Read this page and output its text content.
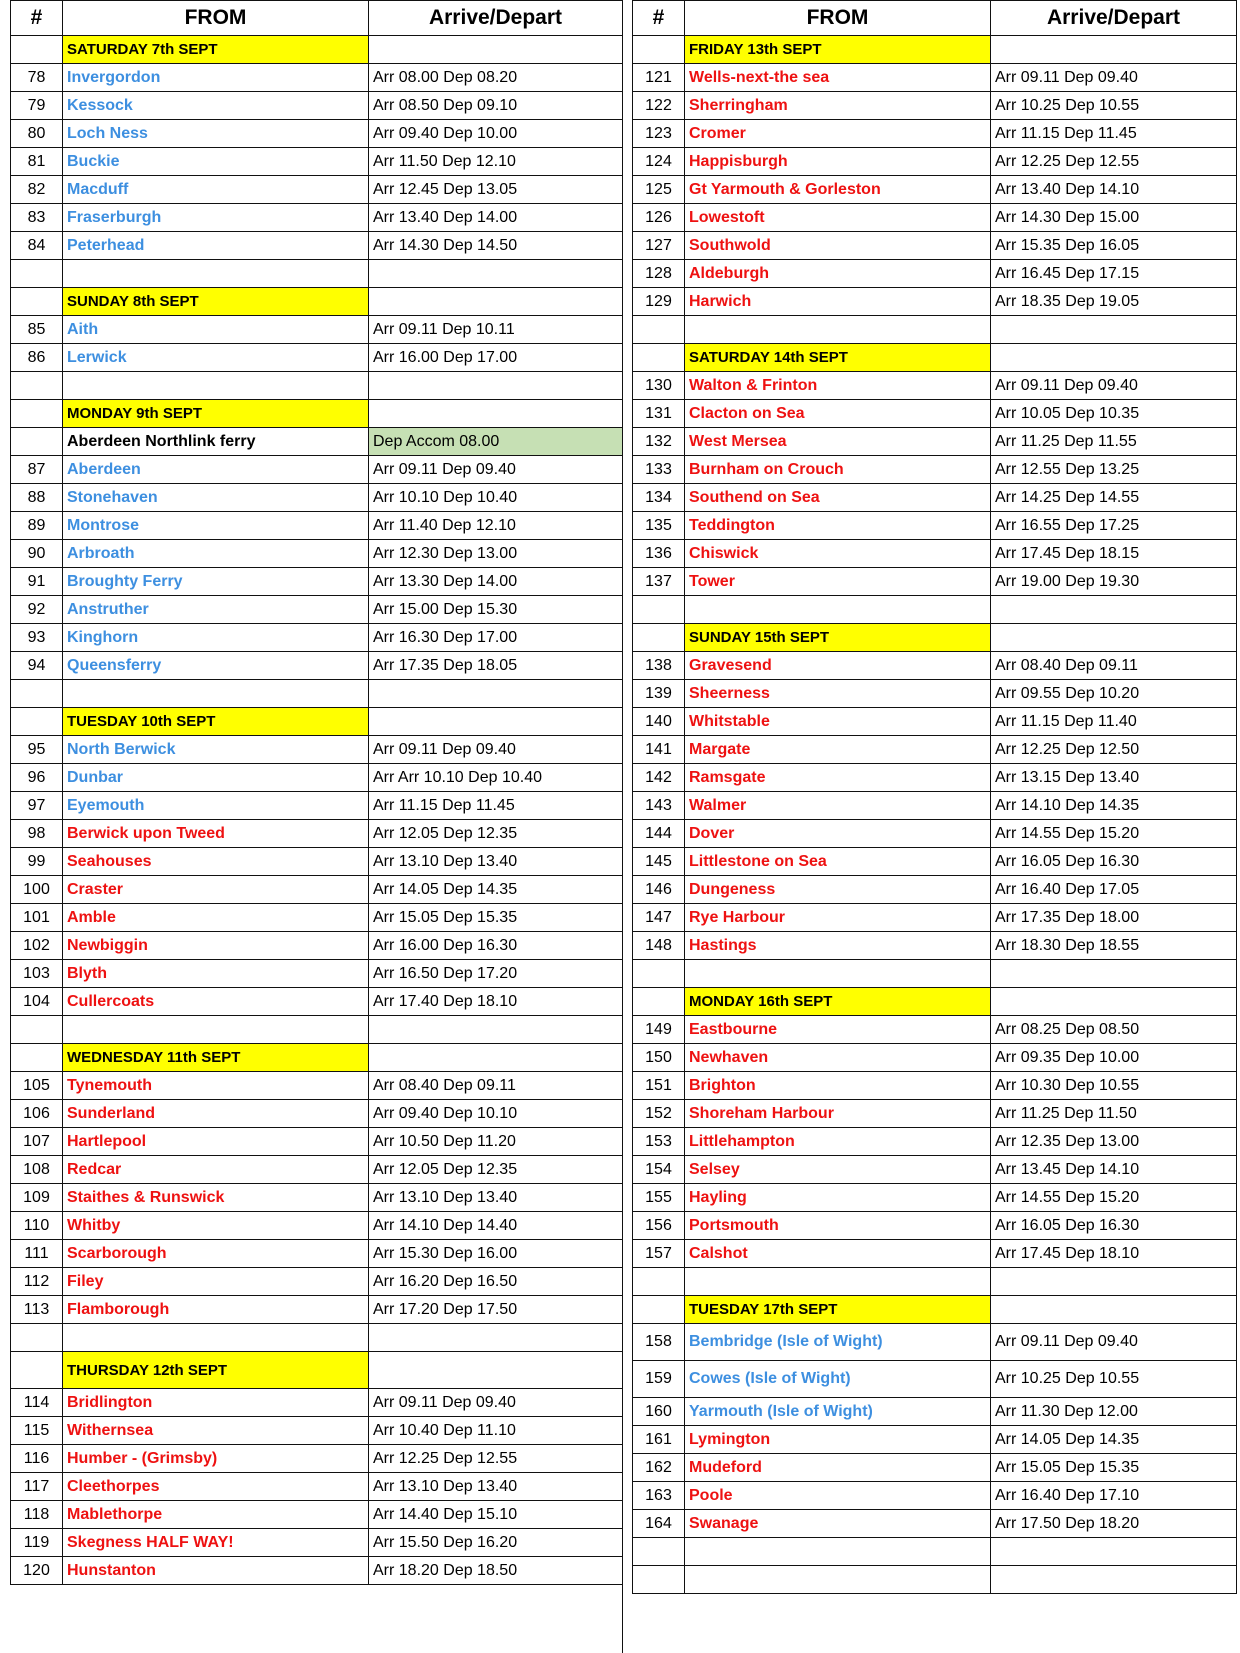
#	FROM	Arrive/Depart
	SATURDAY 7th SEPT	
78	Invergordon	Arr 08.00 Dep 08.20
79	Kessock	Arr 08.50 Dep 09.10
80	Loch Ness	Arr 09.40 Dep 10.00
81	Buckie	Arr 11.50 Dep 12.10
82	Macduff	Arr 12.45 Dep 13.05
83	Fraserburgh	Arr 13.40 Dep 14.00
84	Peterhead	Arr 14.30 Dep 14.50

	SUNDAY 8th SEPT	
85	Aith	Arr 09.11 Dep 10.11
86	Lerwick	Arr 16.00 Dep 17.00

	MONDAY 9th SEPT	
	Aberdeen Northlink ferry	Dep Accom 08.00
87	Aberdeen	Arr 09.11 Dep 09.40
88	Stonehaven	Arr 10.10 Dep 10.40
89	Montrose	Arr 11.40 Dep 12.10
90	Arbroath	Arr 12.30 Dep 13.00
91	Broughty Ferry	Arr 13.30 Dep 14.00
92	Anstruther	Arr 15.00 Dep 15.30
93	Kinghorn	Arr 16.30 Dep 17.00
94	Queensferry	Arr 17.35 Dep 18.05

	TUESDAY 10th SEPT	
95	North Berwick	Arr 09.11 Dep 09.40
96	Dunbar	Arr Arr 10.10 Dep 10.40
97	Eyemouth	Arr 11.15 Dep 11.45
98	Berwick upon Tweed	Arr 12.05 Dep 12.35
99	Seahouses	Arr 13.10 Dep 13.40
100	Craster	Arr 14.05 Dep 14.35
101	Amble	Arr 15.05 Dep 15.35
102	Newbiggin	Arr 16.00 Dep 16.30
103	Blyth	Arr 16.50 Dep 17.20
104	Cullercoats	Arr 17.40 Dep 18.10

	WEDNESDAY 11th SEPT	
105	Tynemouth	Arr 08.40 Dep 09.11
106	Sunderland	Arr 09.40 Dep 10.10
107	Hartlepool	Arr 10.50 Dep 11.20
108	Redcar	Arr 12.05 Dep 12.35
109	Staithes & Runswick	Arr 13.10 Dep 13.40
110	Whitby	Arr 14.10 Dep 14.40
111	Scarborough	Arr 15.30 Dep 16.00
112	Filey	Arr 16.20 Dep 16.50
113	Flamborough	Arr 17.20 Dep 17.50

	THURSDAY 12th SEPT	
114	Bridlington	Arr 09.11 Dep 09.40
115	Withernsea	Arr 10.40 Dep 11.10
116	Humber - (Grimsby)	Arr 12.25 Dep 12.55
117	Cleethorpes	Arr 13.10 Dep 13.40
118	Mablethorpe	Arr 14.40 Dep 15.10
119	Skegness HALF WAY!	Arr 15.50 Dep 16.20
120	Hunstanton	Arr 18.20 Dep 18.50
#	FROM	Arrive/Depart
	FRIDAY 13th SEPT	
121	Wells-next-the sea	Arr 09.11 Dep 09.40
122	Sherringham	Arr 10.25 Dep 10.55
123	Cromer	Arr 11.15 Dep 11.45
124	Happisburgh	Arr 12.25 Dep 12.55
125	Gt Yarmouth & Gorleston	Arr 13.40 Dep 14.10
126	Lowestoft	Arr 14.30 Dep 15.00
127	Southwold	Arr 15.35 Dep 16.05
128	Aldeburgh	Arr 16.45 Dep 17.15
129	Harwich	Arr 18.35 Dep 19.05

	SATURDAY 14th SEPT	
130	Walton & Frinton	Arr 09.11 Dep 09.40
131	Clacton on Sea	Arr 10.05 Dep 10.35
132	West Mersea	Arr 11.25 Dep 11.55
133	Burnham on Crouch	Arr 12.55 Dep 13.25
134	Southend on Sea	Arr 14.25 Dep 14.55
135	Teddington	Arr 16.55 Dep 17.25
136	Chiswick	Arr 17.45 Dep 18.15
137	Tower	Arr 19.00 Dep 19.30

	SUNDAY 15th SEPT	
138	Gravesend	Arr 08.40 Dep 09.11
139	Sheerness	Arr 09.55 Dep 10.20
140	Whitstable	Arr 11.15 Dep 11.40
141	Margate	Arr 12.25 Dep 12.50
142	Ramsgate	Arr 13.15 Dep 13.40
143	Walmer	Arr 14.10 Dep 14.35
144	Dover	Arr 14.55 Dep 15.20
145	Littlestone on Sea	Arr 16.05 Dep 16.30
146	Dungeness	Arr 16.40 Dep 17.05
147	Rye Harbour	Arr 17.35 Dep 18.00
148	Hastings	Arr 18.30 Dep 18.55

	MONDAY 16th SEPT	
149	Eastbourne	Arr 08.25 Dep 08.50
150	Newhaven	Arr 09.35 Dep 10.00
151	Brighton	Arr 10.30 Dep 10.55
152	Shoreham Harbour	Arr 11.25 Dep 11.50
153	Littlehampton	Arr 12.35 Dep 13.00
154	Selsey	Arr 13.45 Dep 14.10
155	Hayling	Arr 14.55 Dep 15.20
156	Portsmouth	Arr 16.05 Dep 16.30
157	Calshot	Arr 17.45 Dep 18.10

	TUESDAY 17th SEPT	
158	Bembridge (Isle of Wight)	Arr 09.11 Dep 09.40
159	Cowes (Isle of Wight)	Arr 10.25 Dep 10.55
160	Yarmouth (Isle of Wight)	Arr 11.30 Dep 12.00
161	Lymington	Arr 14.05 Dep 14.35
162	Mudeford	Arr 15.05 Dep 15.35
163	Poole	Arr 16.40 Dep 17.10
164	Swanage	Arr 17.50 Dep 18.20
